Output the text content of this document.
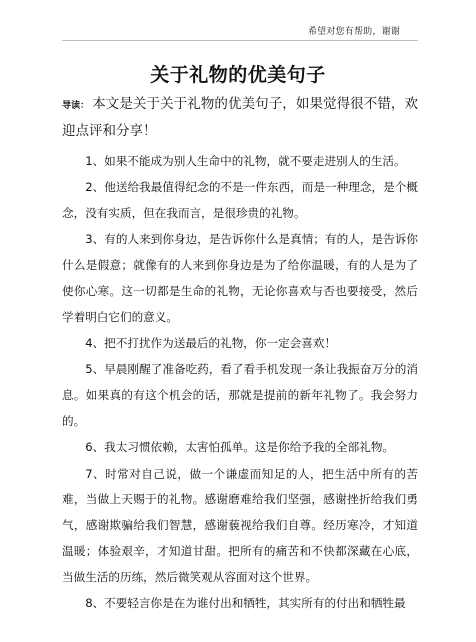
希望对您有帮助，谢谢
关于礼物的优美句子

导读： 本文是关于关于礼物的优美句子，如果觉得很不错，欢迎点评和分享！

1、如果不能成为别人生命中的礼物，就不要走进别人的生活。

2、他送给我最值得纪念的不是一件东西，而是一种理念，是个概念，没有实质，但在我而言，是很珍贵的礼物。

3、有的人来到你身边，是告诉你什么是真情；有的人，是告诉你什么是假意；就像有的人来到你身边是为了给你温暖，有的人是为了使你心寒。这一切都是生命的礼物，无论你喜欢与否也要接受，然后学着明白它们的意义。

4、把不打扰作为送最后的礼物，你一定会喜欢！

5、早晨刚醒了准备吃药，看了看手机发现一条让我振奋万分的消息。如果真的有这个机会的话，那就是提前的新年礼物了。我会努力的。

6、我太习惯依赖，太害怕孤单。这是你给予我的全部礼物。

7、时常对自己说，做一个谦虚而知足的人，把生活中所有的苦难，当做上天赐于的礼物。感谢磨难给我们坚强，感谢挫折给我们勇气，感谢欺骗给我们智慧，感谢藐视给我们自尊。经历寒冷，才知道温暖；体验艰辛，才知道甘甜。把所有的痛苦和不快都深藏在心底，当做生活的历练，然后微笑观从容面对这个世界。

8、不要轻言你是在为谁付出和牺牲，其实所有的付出和牺牲最
